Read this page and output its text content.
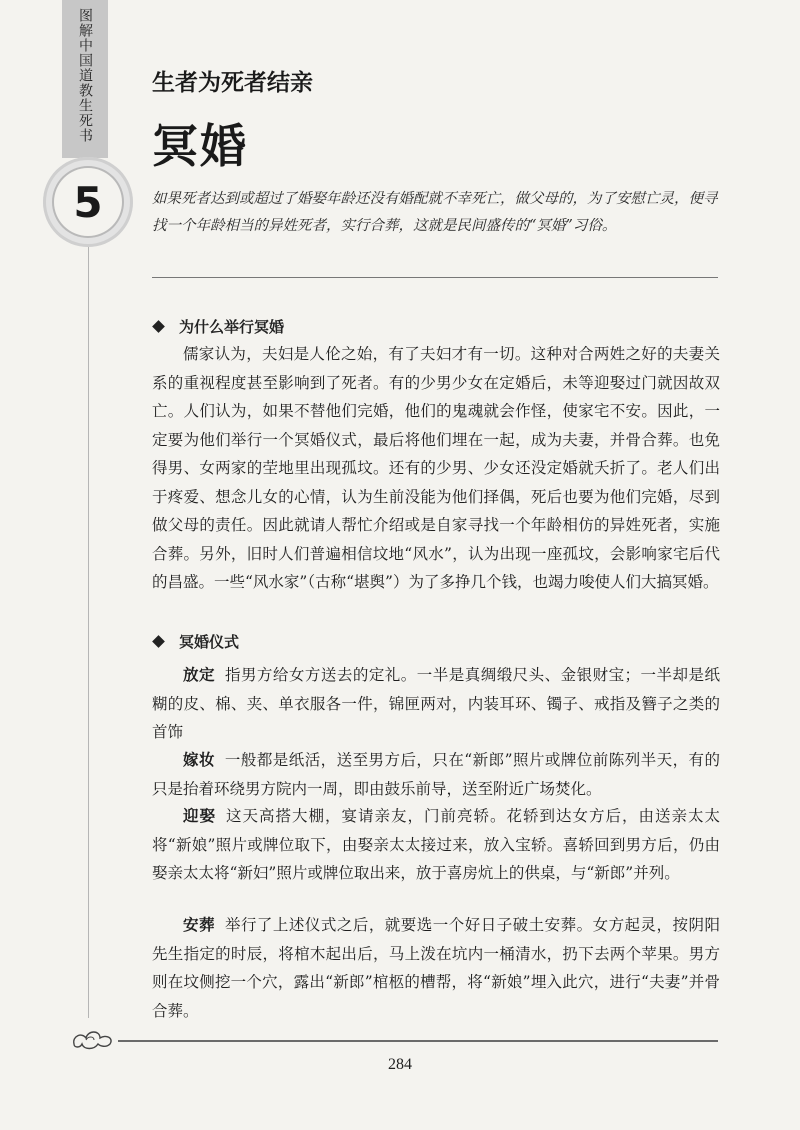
图解中国道教生死书
5
生者为死者结亲
冥婚

如果死者达到或超过了婚娶年龄还没有婚配就不幸死亡，做父母的，为了安慰亡灵，便寻找一个年龄相当的异姓死者，实行合葬，这就是民间盛传的“冥婚”习俗。

为什么举行冥婚

儒家认为，夫妇是人伦之始，有了夫妇才有一切。这种对合两姓之好的夫妻关系的重视程度甚至影响到了死者。有的少男少女在定婚后，未等迎娶过门就因故双亡。人们认为，如果不替他们完婚，他们的鬼魂就会作怪，使家宅不安。因此，一定要为他们举行一个冥婚仪式，最后将他们埋在一起，成为夫妻，并骨合葬。也免得男、女两家的茔地里出现孤坟。还有的少男、少女还没定婚就夭折了。老人们出于疼爱、想念儿女的心情，认为生前没能为他们择偶，死后也要为他们完婚，尽到做父母的责任。因此就请人帮忙介绍或是自家寻找一个年龄相仿的异姓死者，实施合葬。另外，旧时人们普遍相信坟地“风水”，认为出现一座孤坟，会影响家宅后代的昌盛。一些“风水家”（古称“堪舆”）为了多挣几个钱，也竭力唆使人们大搞冥婚。

冥婚仪式

放定 指男方给女方送去的定礼。一半是真绸缎尺头、金银财宝；一半却是纸糊的皮、棉、夹、单衣服各一件，锦匣两对，内装耳环、镯子、戒指及簪子之类的首饰

嫁妆 一般都是纸活，送至男方后，只在“新郎”照片或牌位前陈列半天，有的只是抬着环绕男方院内一周，即由鼓乐前导，送至附近广场焚化。

迎娶 这天高搭大棚，宴请亲友，门前亮轿。花轿到达女方后，由送亲太太将“新娘”照片或牌位取下，由娶亲太太接过来，放入宝轿。喜轿回到男方后，仍由娶亲太太将“新妇”照片或牌位取出来，放于喜房炕上的供桌，与“新郎”并列。

安葬 举行了上述仪式之后，就要选一个好日子破土安葬。女方起灵，按阴阳先生指定的时辰，将棺木起出后，马上泼在坑内一桶清水，扔下去两个苹果。男方则在坟侧挖一个穴，露出“新郎”棺柩的槽帮，将“新娘”埋入此穴，进行“夫妻”并骨合葬。

284
